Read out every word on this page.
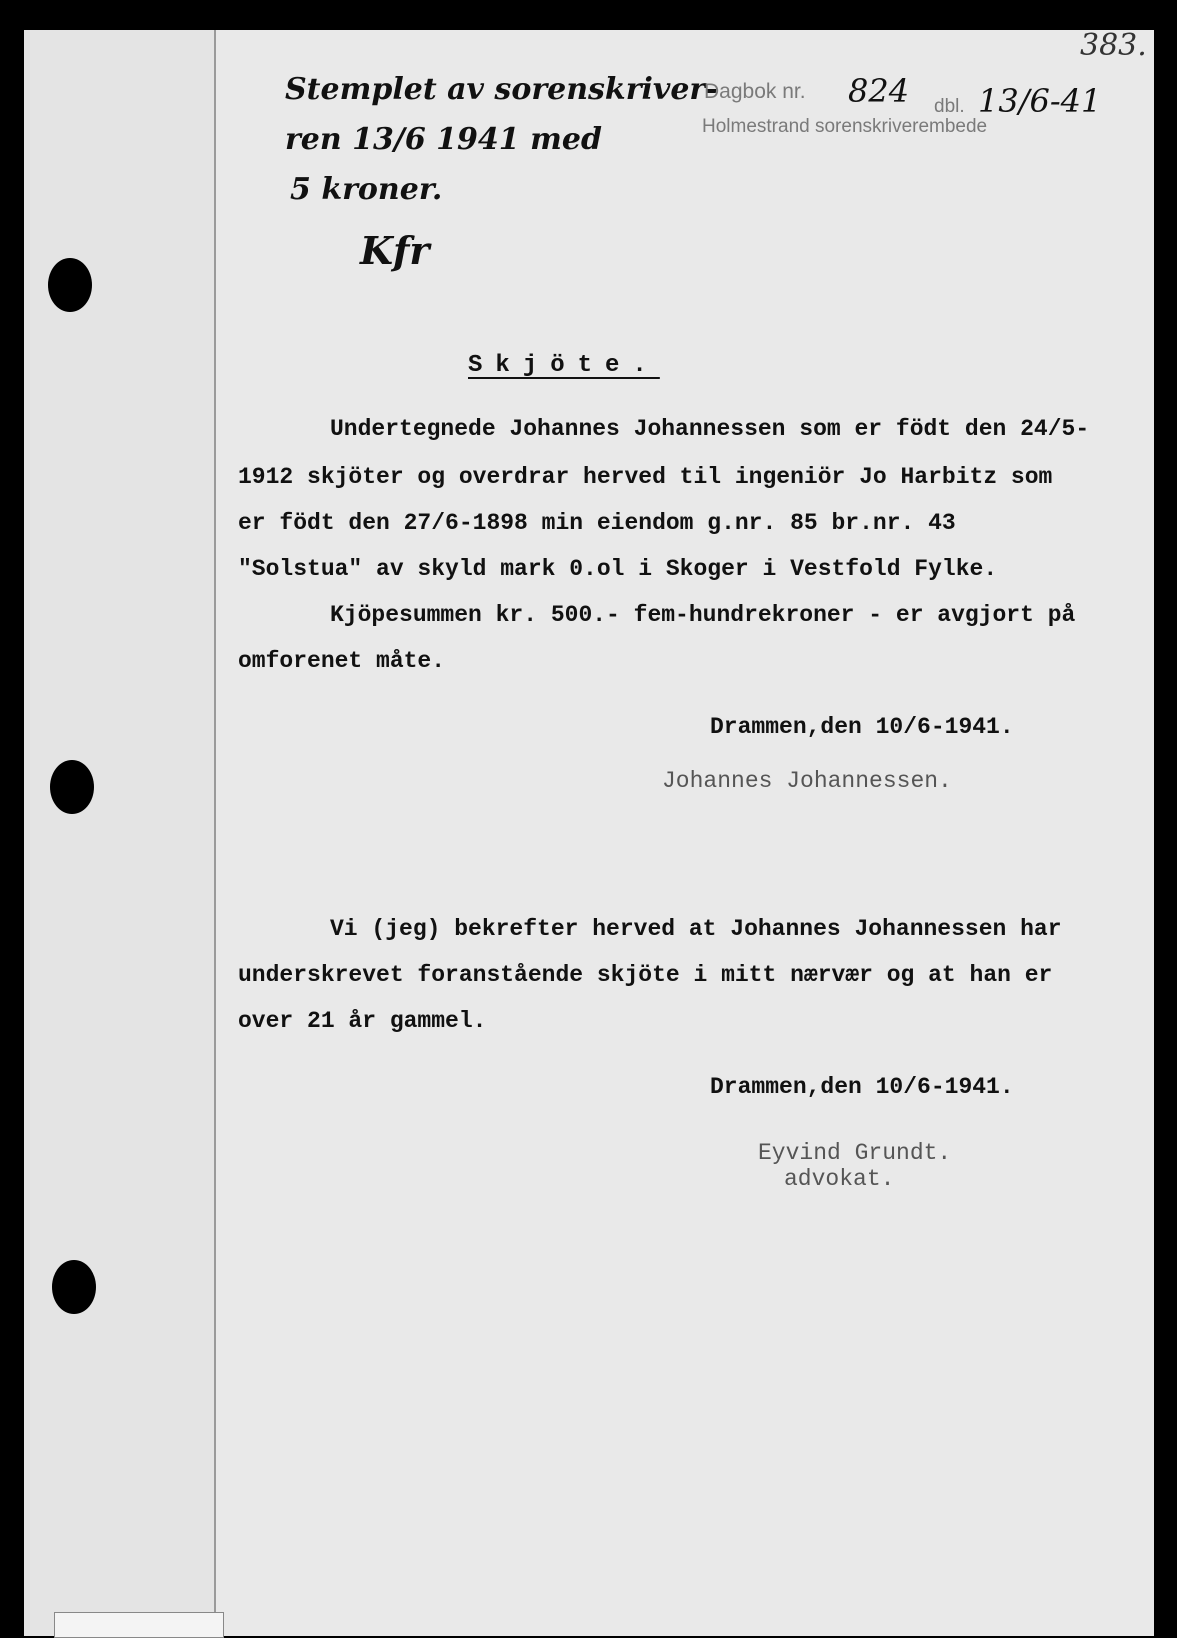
383.
Stemplet av sorenskriver-
ren 13/6 1941 med
5 kroner.
Kfr
Dagbok nr. 824 dbl. 13/6-41
Holmestrand sorenskriverembede
Skjöte.
Undertegnede Johannes Johannessen som er födt den 24/5-
1912 skjöter og overdrar herved til ingeniör Jo Harbitz som
er födt den 27/6-1898 min eiendom g.nr. 85 br.nr. 43
"Solstua" av skyld mark 0.ol i Skoger i Vestfold Fylke.
Kjöpesummen kr. 500.- fem-hundrekroner - er avgjort på
omforenet måte.
Drammen,den 10/6-1941.
Johannes Johannessen.
Vi (jeg) bekrefter herved at Johannes Johannessen har
underskrevet foranstående skjöte i mitt nærvær og at han er
over 21 år gammel.
Drammen,den 10/6-1941.
Eyvind Grundt.
advokat.
